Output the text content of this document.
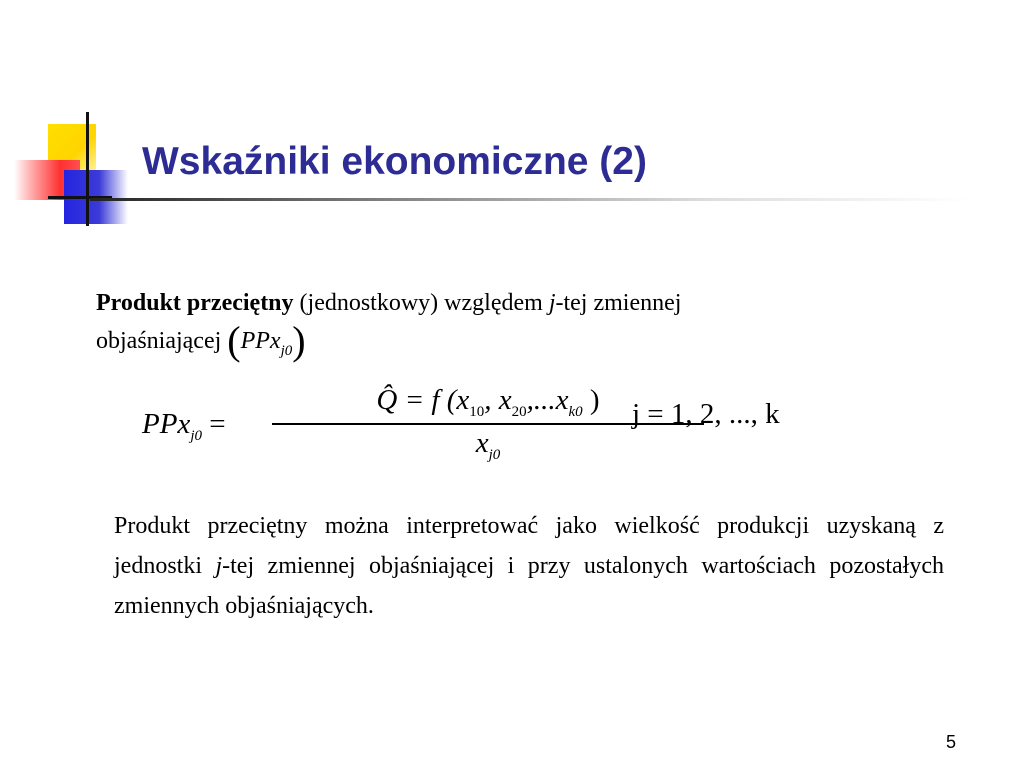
Wskaźniki ekonomiczne (2)
Produkt przeciętny (jednostkowy) względem j-tej zmiennej
objaśniającej (PPx$_{j0}$)
PPx$_{j0}$ =
Q̂ = f ($x_{10}$, $x_{20},...x_{k0}$ )
$x_{j0}$
j = 1, 2, ..., k

Produkt przeciętny można interpretować jako wielkość produkcji uzyskaną z jednostki j-tej zmiennej objaśniającej i przy ustalonych wartościach pozostałych zmiennych objaśniających.

5
